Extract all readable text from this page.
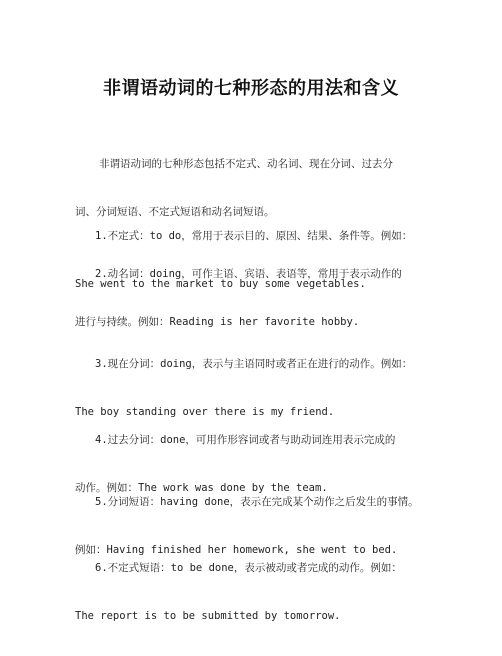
非谓语动词的七种形态的用法和含义

非谓语动词的七种形态包括不定式、动名词、现在分词、过去分

词、分词短语、不定式短语和动名词短语。

1.不定式：to do，常用于表示目的、原因、结果、条件等。例如：

She went to the market to buy some vegetables.

2.动名词：doing，可作主语、宾语、表语等，常用于表示动作的

进行与持续。例如：Reading is her favorite hobby.

3.现在分词：doing，表示与主语同时或者正在进行的动作。例如：

The boy standing over there is my friend.

4.过去分词：done，可用作形容词或者与助动词连用表示完成的

动作。例如：The work was done by the team.

5.分词短语：having done，表示在完成某个动作之后发生的事情。

例如：Having finished her homework, she went to bed.

6.不定式短语：to be done，表示被动或者完成的动作。例如：

The report is to be submitted by tomorrow.
